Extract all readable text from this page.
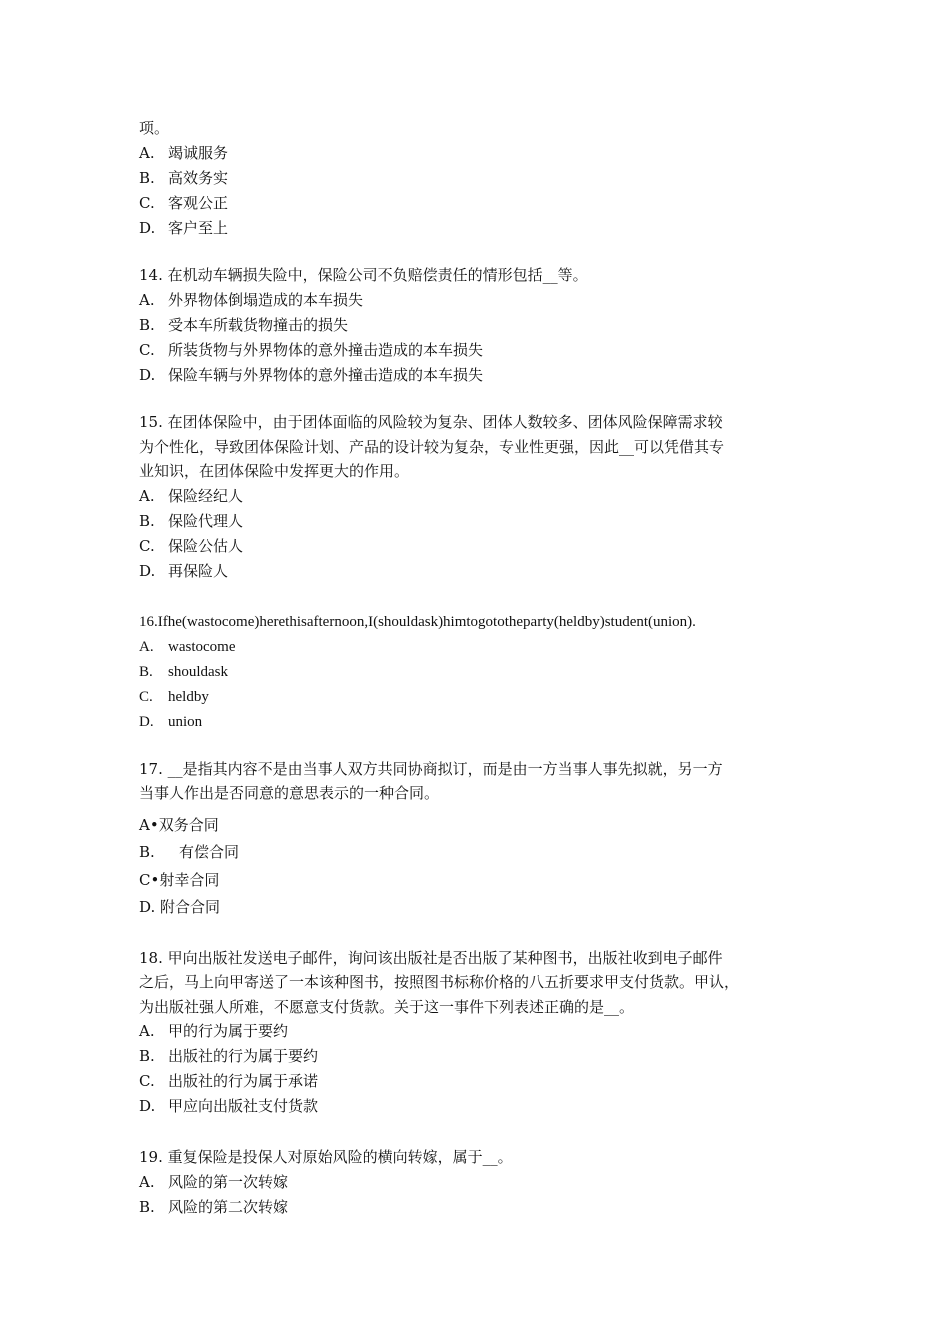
项。
A. 竭诚服务
B. 高效务实
C. 客观公正
D. 客户至上
14. 在机动车辆损失险中，保险公司不负赔偿责任的情形包括__等。
A. 外界物体倒塌造成的本车损失
B. 受本车所载货物撞击的损失
C. 所装货物与外界物体的意外撞击造成的本车损失
D. 保险车辆与外界物体的意外撞击造成的本车损失
15. 在团体保险中，由于团体面临的风险较为复杂、团体人数较多、团体风险保障需求较
为个性化，导致团体保险计划、产品的设计较为复杂，专业性更强，因此__可以凭借其专
业知识，在团体保险中发挥更大的作用。
A. 保险经纪人
B. 保险代理人
C. 保险公估人
D. 再保险人
16.Ifhe(wastocome)herethisafternoon,I(shouldask)himtogototheparty(heldby)student(union).
A. wastocome
B. shouldask
C. heldby
D. union
17. __是指其内容不是由当事人双方共同协商拟订，而是由一方当事人事先拟就，另一方
当事人作出是否同意的意思表示的一种合同。
A•双务合同
B. 有偿合同
C•射幸合同
D. 附合合同
18. 甲向出版社发送电子邮件，询问该出版社是否出版了某种图书，出版社收到电子邮件
之后，马上向甲寄送了一本该种图书，按照图书标称价格的八五折要求甲支付货款。甲认，
为出版社强人所难，不愿意支付货款。关于这一事件下列表述正确的是__。
A. 甲的行为属于要约
B. 出版社的行为属于要约
C. 出版社的行为属于承诺
D. 甲应向出版社支付货款
19. 重复保险是投保人对原始风险的横向转嫁，属于__。
A. 风险的第一次转嫁
B. 风险的第二次转嫁
